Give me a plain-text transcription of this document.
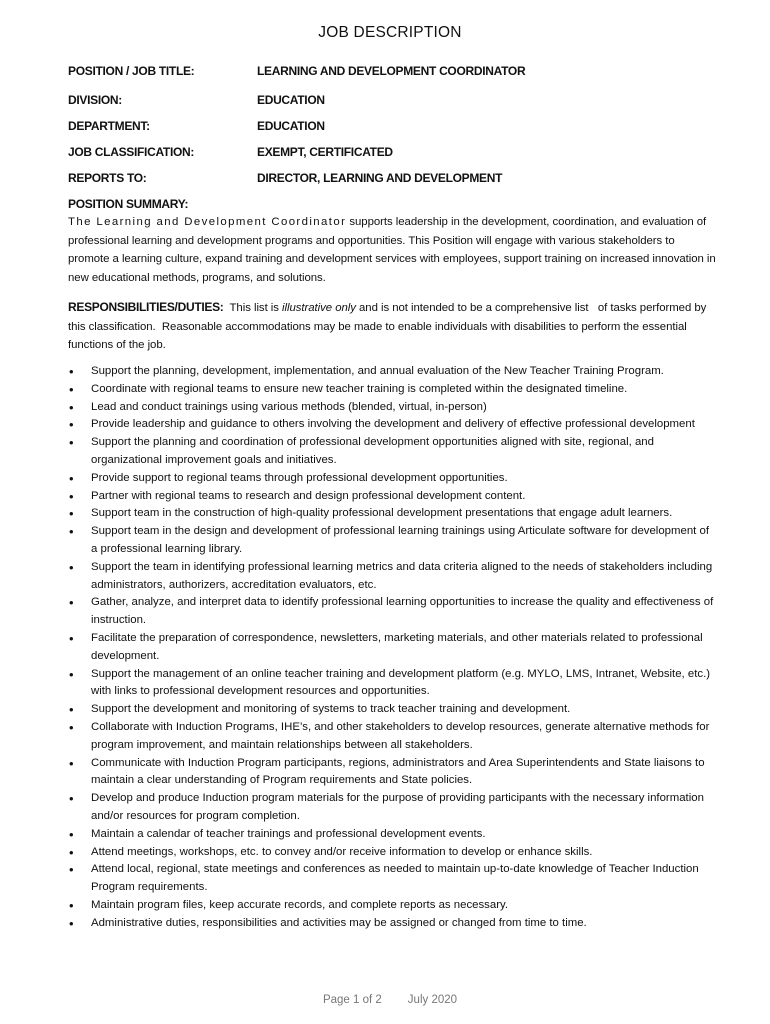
JOB DESCRIPTION
POSITION / JOB TITLE:	LEARNING AND DEVELOPMENT COORDINATOR
DIVISION:	EDUCATION
DEPARTMENT:	EDUCATION
JOB CLASSIFICATION:	EXEMPT, CERTIFICATED
REPORTS TO:	DIRECTOR, LEARNING AND DEVELOPMENT
POSITION SUMMARY:
The Learning and Development Coordinator supports leadership in the development, coordination, and evaluation of professional learning and development programs and opportunities. This Position will engage with various stakeholders to promote a learning culture, expand training and development services with employees, support training on increased innovation in new educational methods, programs, and solutions.
RESPONSIBILITIES/DUTIES:  This list is illustrative only and is not intended to be a comprehensive list   of tasks performed by this classification.  Reasonable accommodations may be made to enable individuals with disabilities to perform the essential functions of the job.
• Support the planning, development, implementation, and annual evaluation of the New Teacher Training Program.
• Coordinate with regional teams to ensure new teacher training is completed within the designated timeline.
• Lead and conduct trainings using various methods (blended, virtual, in-person)
• Provide leadership and guidance to others involving the development and delivery of effective professional development
• Support the planning and coordination of professional development opportunities aligned with site, regional, and organizational improvement goals and initiatives.
• Provide support to regional teams through professional development opportunities.
• Partner with regional teams to research and design professional development content.
• Support team in the construction of high-quality professional development presentations that engage adult learners.
• Support team in the design and development of professional learning trainings using Articulate software for development of a professional learning library.
• Support the team in identifying professional learning metrics and data criteria aligned to the needs of stakeholders including administrators, authorizers, accreditation evaluators, etc.
• Gather, analyze, and interpret data to identify professional learning opportunities to increase the quality and effectiveness of instruction.
• Facilitate the preparation of correspondence, newsletters, marketing materials, and other materials related to professional development.
• Support the management of an online teacher training and development platform (e.g. MYLO, LMS, Intranet, Website, etc.) with links to professional development resources and opportunities.
• Support the development and monitoring of systems to track teacher training and development.
• Collaborate with Induction Programs, IHE’s, and other stakeholders to develop resources, generate alternative methods for program improvement, and maintain relationships between all stakeholders.
• Communicate with Induction Program participants, regions, administrators and Area Superintendents and State liaisons to maintain a clear understanding of Program requirements and State policies.
• Develop and produce Induction program materials for the purpose of providing participants with the necessary information and/or resources for program completion.
• Maintain a calendar of teacher trainings and professional development events.
• Attend meetings, workshops, etc. to convey and/or receive information to develop or enhance skills.
• Attend local, regional, state meetings and conferences as needed to maintain up-to-date knowledge of Teacher Induction Program requirements.
• Maintain program files, keep accurate records, and complete reports as necessary.
• Administrative duties, responsibilities and activities may be assigned or changed from time to time.
Page 1 of 2 July 2020
